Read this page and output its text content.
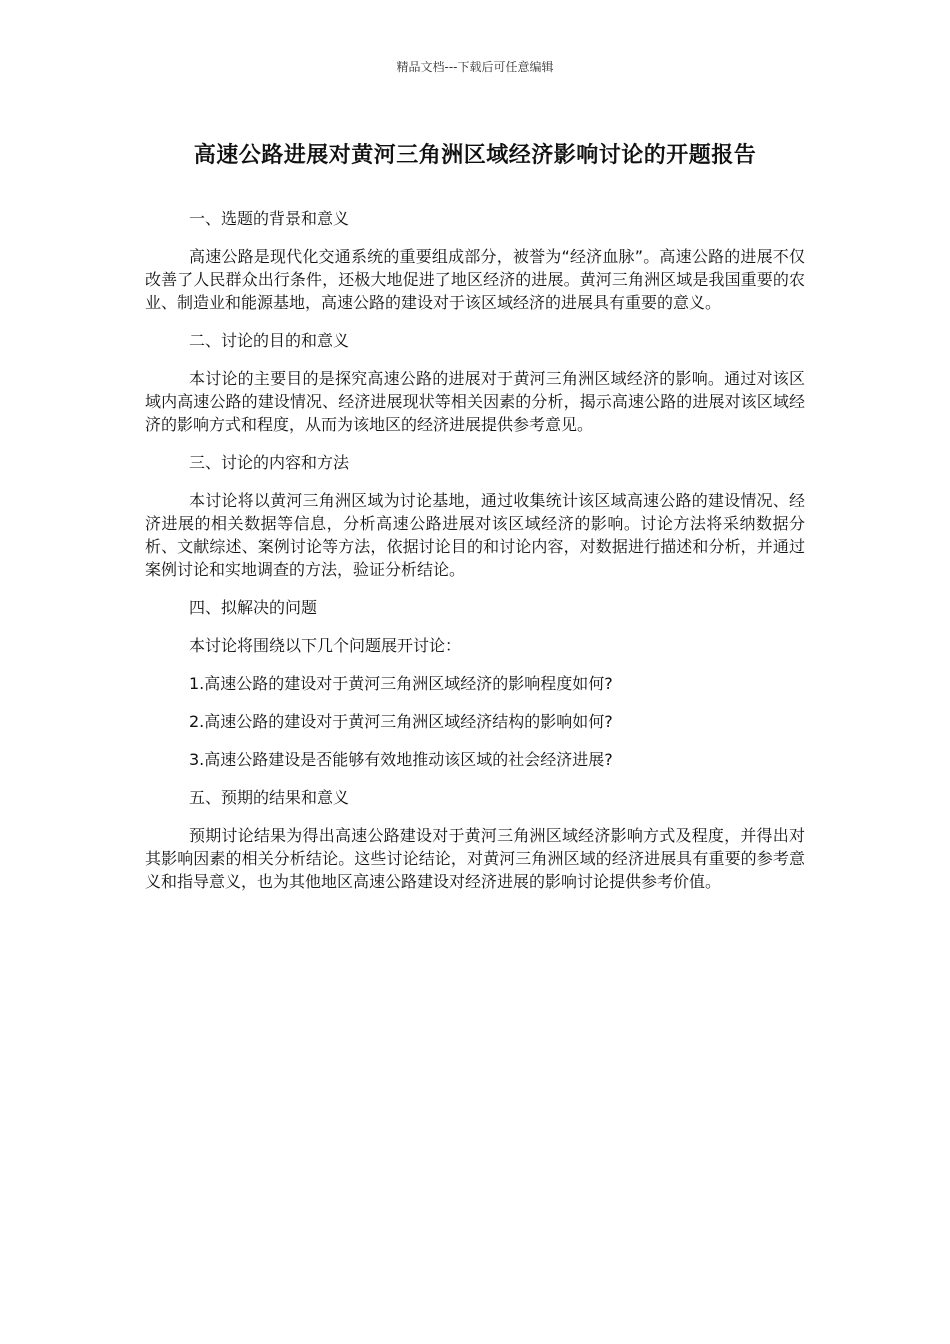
精品文档---下载后可任意编辑
高速公路进展对黄河三角洲区域经济影响讨论的开题报告

一、选题的背景和意义

高速公路是现代化交通系统的重要组成部分，被誉为“经济血脉”。高速公路的进展不仅改善了人民群众出行条件，还极大地促进了地区经济的进展。黄河三角洲区域是我国重要的农业、制造业和能源基地，高速公路的建设对于该区域经济的进展具有重要的意义。

二、讨论的目的和意义

本讨论的主要目的是探究高速公路的进展对于黄河三角洲区域经济的影响。通过对该区域内高速公路的建设情况、经济进展现状等相关因素的分析，揭示高速公路的进展对该区域经济的影响方式和程度，从而为该地区的经济进展提供参考意见。

三、讨论的内容和方法

本讨论将以黄河三角洲区域为讨论基地，通过收集统计该区域高速公路的建设情况、经济进展的相关数据等信息，分析高速公路进展对该区域经济的影响。讨论方法将采纳数据分析、文献综述、案例讨论等方法，依据讨论目的和讨论内容，对数据进行描述和分析，并通过案例讨论和实地调查的方法，验证分析结论。

四、拟解决的问题

本讨论将围绕以下几个问题展开讨论：

1.高速公路的建设对于黄河三角洲区域经济的影响程度如何?

2.高速公路的建设对于黄河三角洲区域经济结构的影响如何?

3.高速公路建设是否能够有效地推动该区域的社会经济进展?

五、预期的结果和意义

预期讨论结果为得出高速公路建设对于黄河三角洲区域经济影响方式及程度，并得出对其影响因素的相关分析结论。这些讨论结论，对黄河三角洲区域的经济进展具有重要的参考意义和指导意义，也为其他地区高速公路建设对经济进展的影响讨论提供参考价值。
